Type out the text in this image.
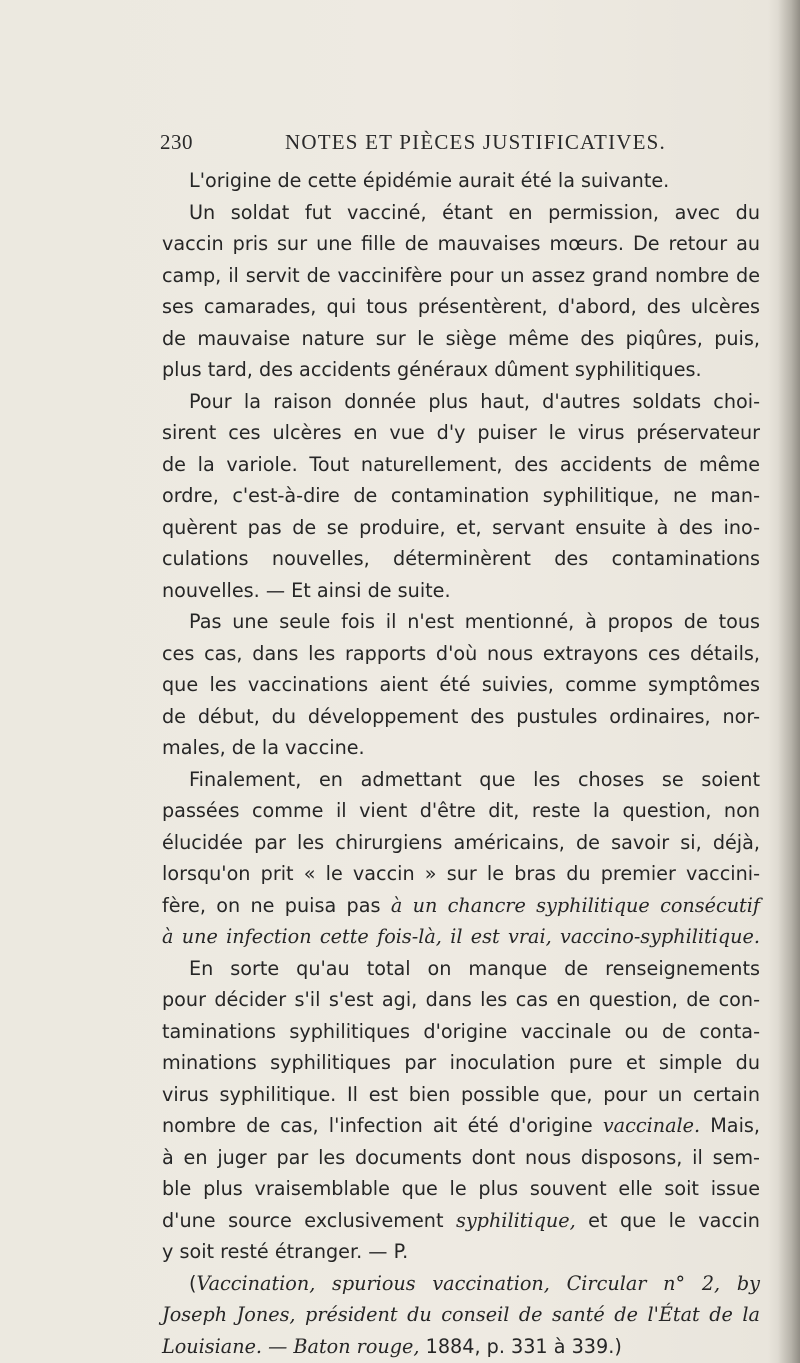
230	NOTES ET PIÈCES JUSTIFICATIVES.
L'origine de cette épidémie aurait été la suivante.
Un soldat fut vacciné, étant en permission, avec du
vaccin pris sur une fille de mauvaises mœurs. De retour au
camp, il servit de vaccinifère pour un assez grand nombre de
ses camarades, qui tous présentèrent, d'abord, des ulcères
de mauvaise nature sur le siège même des piqûres, puis,
plus tard, des accidents généraux dûment syphilitiques.
Pour la raison donnée plus haut, d'autres soldats choi-
sirent ces ulcères en vue d'y puiser le virus préservateur
de la variole. Tout naturellement, des accidents de même
ordre, c'est-à-dire de contamination syphilitique, ne man-
quèrent pas de se produire, et, servant ensuite à des ino-
culations nouvelles, déterminèrent des contaminations
nouvelles. — Et ainsi de suite.
Pas une seule fois il n'est mentionné, à propos de tous
ces cas, dans les rapports d'où nous extrayons ces détails,
que les vaccinations aient été suivies, comme symptômes
de début, du développement des pustules ordinaires, nor-
males, de la vaccine.
Finalement, en admettant que les choses se soient
passées comme il vient d'être dit, reste la question, non
élucidée par les chirurgiens américains, de savoir si, déjà,
lorsqu'on prit « le vaccin » sur le bras du premier vaccini-
fère, on ne puisa pas à un chancre syphilitique consécutif
à une infection cette fois-là, il est vrai, vaccino-syphilitique.
En sorte qu'au total on manque de renseignements
pour décider s'il s'est agi, dans les cas en question, de con-
taminations syphilitiques d'origine vaccinale ou de conta-
minations syphilitiques par inoculation pure et simple du
virus syphilitique. Il est bien possible que, pour un certain
nombre de cas, l'infection ait été d'origine vaccinale. Mais,
à en juger par les documents dont nous disposons, il sem-
ble plus vraisemblable que le plus souvent elle soit issue
d'une source exclusivement syphilitique, et que le vaccin
y soit resté étranger. — P.
(Vaccination, spurious vaccination, Circular n° 2, by
Joseph Jones, président du conseil de santé de l'État de la
Louisiane. — Baton rouge, 1884, p. 331 à 339.)
